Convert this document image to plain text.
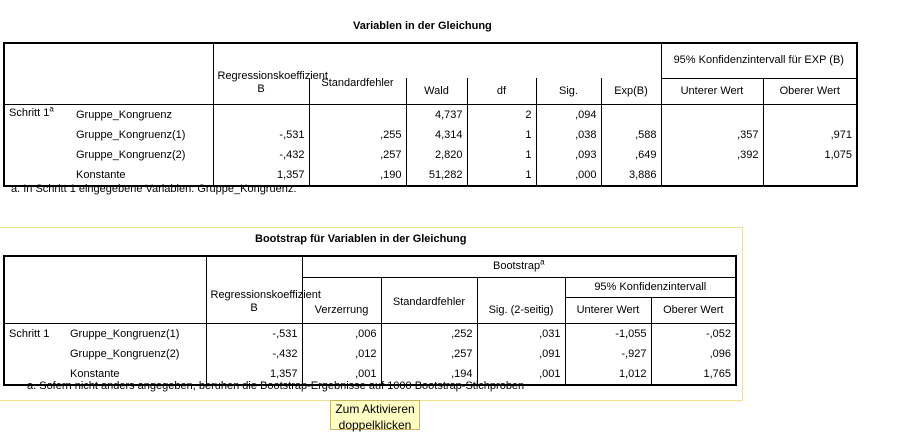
Variablen in der Gleichung
								95% Konfidenzintervall für EXP (B)	
		Regressionskoeffizient B	Standardfehler	Wald	df	Sig.	Exp(B)	Unterer Wert	Oberer Wert
Schritt 1$^a$	Gruppe_Kongruenz			4,737	2	,094			
	Gruppe_Kongruenz(1)	-,531	,255	4,314	1	,038	,588	,357	,971
	Gruppe_Kongruenz(2)	-,432	,257	2,820	1	,093	,649	,392	1,075
	Konstante	1,357	,190	51,282	1	,000	3,886		
a. In Schritt 1 eingegebene Variablen: Gruppe_Kongruenz.
Bootstrap für Variablen in der Gleichung
			Bootstrap$^a$
						95% Konfidenzintervall	
		Regressionskoeffizient B	Verzerrung	Standardfehler	Sig. (2-seitig)	Unterer Wert	Oberer Wert
Schritt 1	Gruppe_Kongruenz(1)	-,531	,006	,252	,031	-1,055	-,052
	Gruppe_Kongruenz(2)	-,432	,012	,257	,091	-,927	,096
	Konstante	1,357	,001	,194	,001	1,012	1,765
a. Sofern nicht anders angegeben, beruhen die Bootstrap-Ergebnisse auf 1000 Bootstrap-Stichproben
Zum Aktivieren doppelklicken
